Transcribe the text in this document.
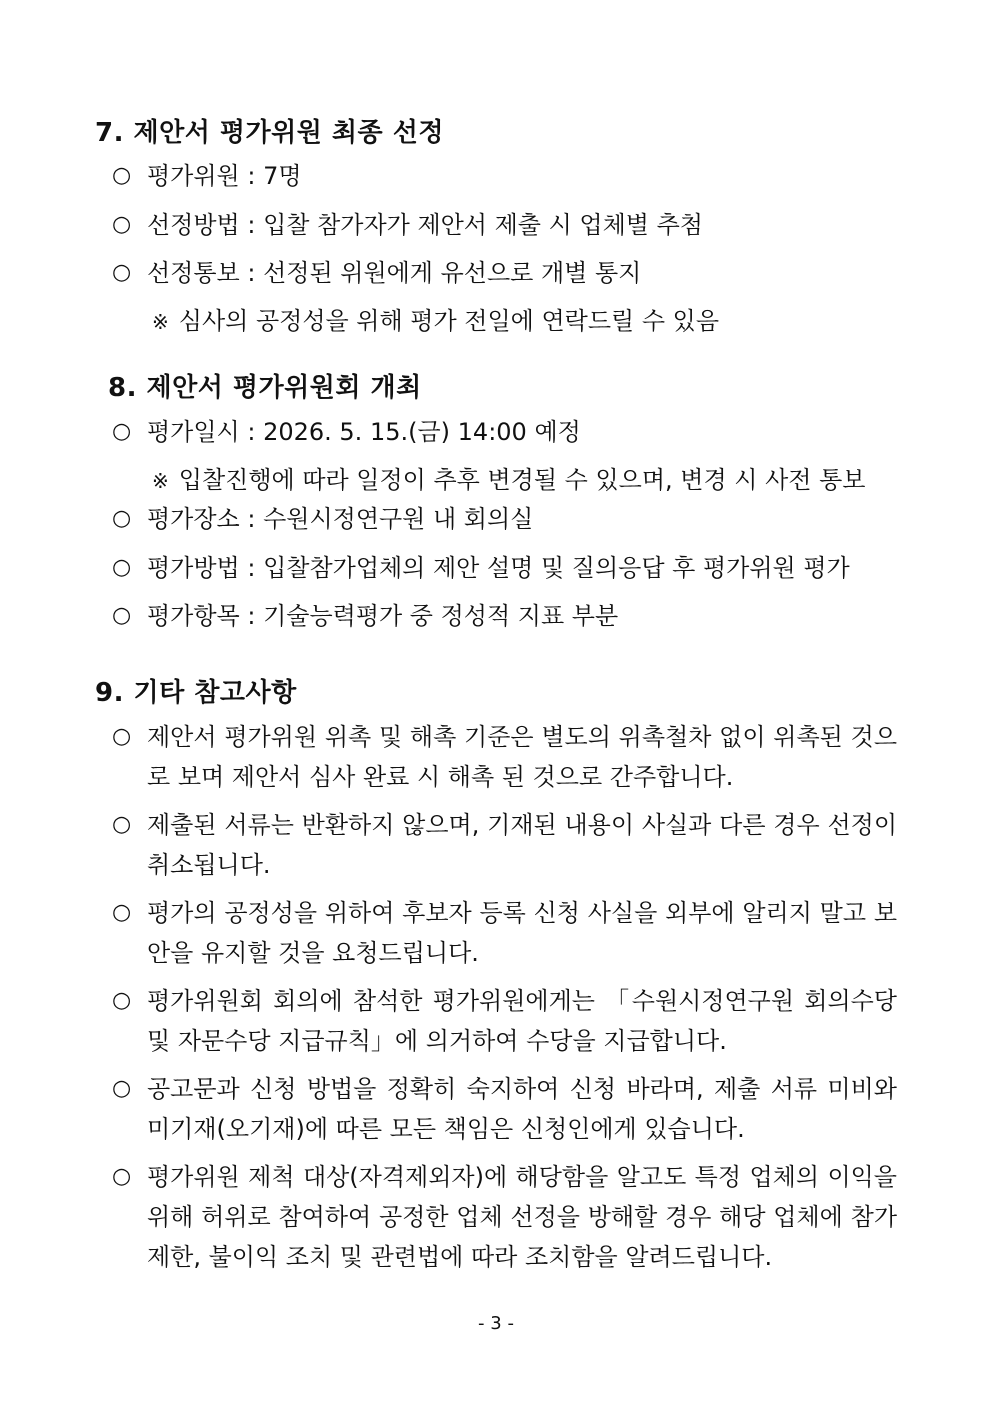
7. 제안서 평가위원 최종 선정
○ 평가위원 : 7명
○ 선정방법 : 입찰 참가자가 제안서 제출 시 업체별 추첨
○ 선정통보 : 선정된 위원에게 유선으로 개별 통지
※ 심사의 공정성을 위해 평가 전일에 연락드릴 수 있음
8. 제안서 평가위원회 개최
○ 평가일시 : 2026. 5. 15.(금) 14:00 예정
※ 입찰진행에 따라 일정이 추후 변경될 수 있으며, 변경 시 사전 통보
○ 평가장소 : 수원시정연구원 내 회의실
○ 평가방법 : 입찰참가업체의 제안 설명 및 질의응답 후 평가위원 평가
○ 평가항목 : 기술능력평가 중 정성적 지표 부분
9. 기타 참고사항
○ 제안서 평가위원 위촉 및 해촉 기준은 별도의 위촉철차 없이 위촉된 것으로 보며 제안서 심사 완료 시 해촉 된 것으로 간주합니다.
○ 제출된 서류는 반환하지 않으며, 기재된 내용이 사실과 다른 경우 선정이 취소됩니다.
○ 평가의 공정성을 위하여 후보자 등록 신청 사실을 외부에 알리지 말고 보안을 유지할 것을 요청드립니다.
○ 평가위원회 회의에 참석한 평가위원에게는 「수원시정연구원 회의수당 및 자문수당 지급규칙」에 의거하여 수당을 지급합니다.
○ 공고문과 신청 방법을 정확히 숙지하여 신청 바라며, 제출 서류 미비와 미기재(오기재)에 따른 모든 책임은 신청인에게 있습니다.
○ 평가위원 제척 대상(자격제외자)에 해당함을 알고도 특정 업체의 이익을 위해 허위로 참여하여 공정한 업체 선정을 방해할 경우 해당 업체에 참가 제한, 불이익 조치 및 관련법에 따라 조치함을 알려드립니다.
- 3 -
